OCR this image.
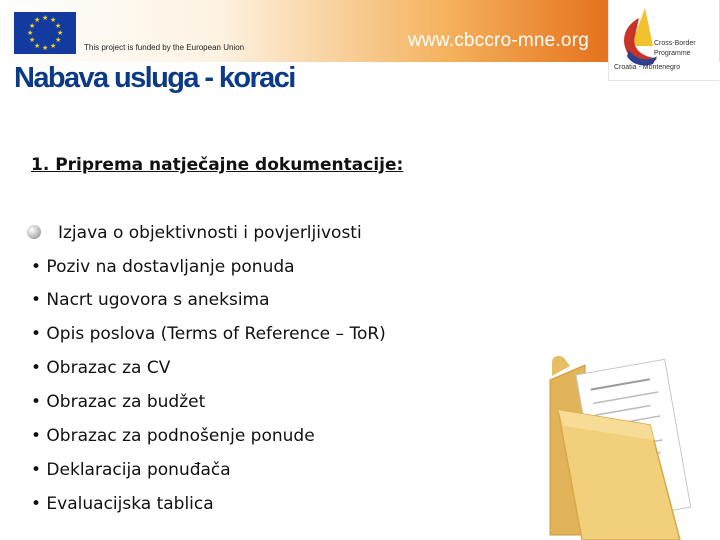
★ ★
★
★
★
★
★
★
★
★
★
★
This project is funded by the European Union	www.cbccro-mne.org	Cross-Border
Programme
Croatia - Montenegro
Nabava usluga - koraci
1. Priprema natječajne dokumentacije:
Izjava o objektivnosti i povjerljivosti
• Poziv na dostavljanje ponuda
• Nacrt ugovora s aneksima
• Opis poslova (Terms of Reference – ToR)
• Obrazac za CV
• Obrazac za budžet
• Obrazac za podnošenje ponude
• Deklaracija ponuđača
• Evaluacijska tablica
